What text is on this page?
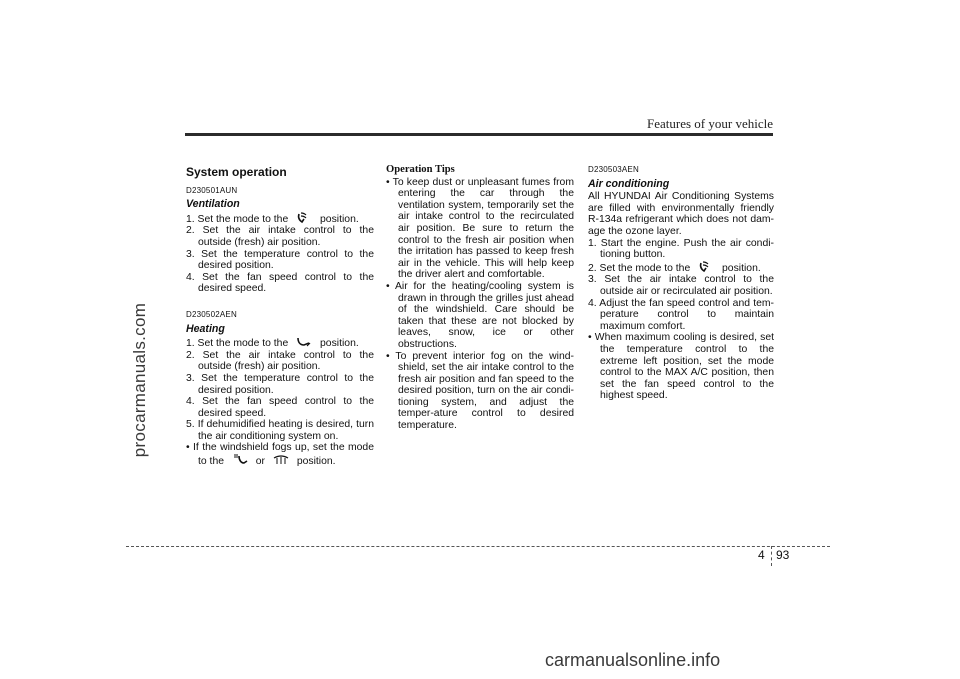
procarmanuals.com
carmanualsonline.info
Features of your vehicle
System operation
D230501AUN
Ventilation
1. Set the mode to the	position.
2. Set the air intake control to the outside (fresh) air position.
3. Set the temperature control to the desired position.
4. Set the fan speed control to the desired speed.
D230502AEN
Heating
1. Set the mode to the	position.
2. Set the air intake control to the outside (fresh) air position.
3. Set the temperature control to the desired position.
4. Set the fan speed control to the desired speed.
5. If dehumidified heating is desired, turn the air conditioning system on.
• If the windshield fogs up, set the mode to the	or	position.
Operation Tips
• To keep dust or unpleasant fumes from entering the car through the ventilation system, temporarily set the air intake control to the recirculated air position. Be sure to return the control to the fresh air position when the irritation has passed to keep fresh air in the vehicle. This will help keep the driver alert and comfortable.
• Air for the heating/cooling system is drawn in through the grilles just ahead of the windshield. Care should be taken that these are not blocked by leaves, snow, ice or other obstructions.
• To prevent interior fog on the wind-shield, set the air intake control to the fresh air position and fan speed to the desired position, turn on the air condi-tioning system, and adjust the temper-ature control to desired temperature.
D230503AEN
Air conditioning

All HYUNDAI Air Conditioning Systems are filled with environmentally friendly R-134a refrigerant which does not dam-age the ozone layer.

1. Start the engine. Push the air condi-tioning button.
2. Set the mode to the	position.
3. Set the air intake control to the outside air or recirculated air position.
4. Adjust the fan speed control and tem-perature control to maintain maximum comfort.
• When maximum cooling is desired, set the temperature control to the extreme left position, set the mode control to the MAX A/C position, then set the fan speed control to the highest speed.
4 93
